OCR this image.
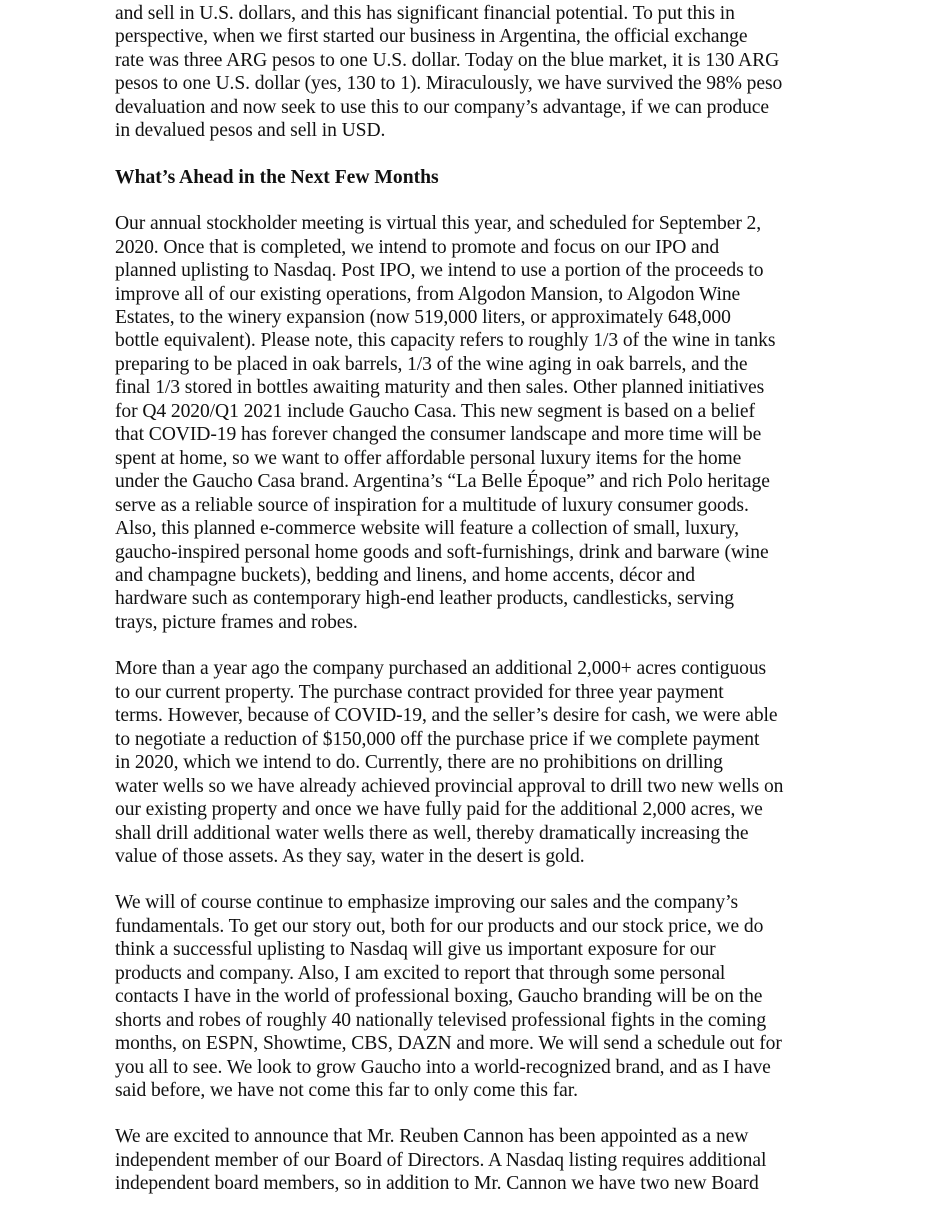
and sell in U.S. dollars, and this has significant financial potential. To put this in
perspective, when we first started our business in Argentina, the official exchange
rate was three ARG pesos to one U.S. dollar. Today on the blue market, it is 130 ARG
pesos to one U.S. dollar (yes, 130 to 1). Miraculously, we have survived the 98% peso
devaluation and now seek to use this to our company’s advantage, if we can produce
in devalued pesos and sell in USD.
What’s Ahead in the Next Few Months
Our annual stockholder meeting is virtual this year, and scheduled for September 2,
2020. Once that is completed, we intend to promote and focus on our IPO and
planned uplisting to Nasdaq. Post IPO, we intend to use a portion of the proceeds to
improve all of our existing operations, from Algodon Mansion, to Algodon Wine
Estates, to the winery expansion (now 519,000 liters, or approximately 648,000
bottle equivalent). Please note, this capacity refers to roughly 1/3 of the wine in tanks
preparing to be placed in oak barrels, 1/3 of the wine aging in oak barrels, and the
final 1/3 stored in bottles awaiting maturity and then sales. Other planned initiatives
for Q4 2020/Q1 2021 include Gaucho Casa. This new segment is based on a belief
that COVID-19 has forever changed the consumer landscape and more time will be
spent at home, so we want to offer affordable personal luxury items for the home
under the Gaucho Casa brand. Argentina’s “La Belle Époque” and rich Polo heritage
serve as a reliable source of inspiration for a multitude of luxury consumer goods.
Also, this planned e-commerce website will feature a collection of small, luxury,
gaucho-inspired personal home goods and soft-furnishings, drink and barware (wine
and champagne buckets), bedding and linens, and home accents, décor and
hardware such as contemporary high-end leather products, candlesticks, serving
trays, picture frames and robes.
More than a year ago the company purchased an additional 2,000+ acres contiguous
to our current property. The purchase contract provided for three year payment
terms. However, because of COVID-19, and the seller’s desire for cash, we were able
to negotiate a reduction of $150,000 off the purchase price if we complete payment
in 2020, which we intend to do. Currently, there are no prohibitions on drilling
water wells so we have already achieved provincial approval to drill two new wells on
our existing property and once we have fully paid for the additional 2,000 acres, we
shall drill additional water wells there as well, thereby dramatically increasing the
value of those assets. As they say, water in the desert is gold.
We will of course continue to emphasize improving our sales and the company’s
fundamentals. To get our story out, both for our products and our stock price, we do
think a successful uplisting to Nasdaq will give us important exposure for our
products and company. Also, I am excited to report that through some personal
contacts I have in the world of professional boxing, Gaucho branding will be on the
shorts and robes of roughly 40 nationally televised professional fights in the coming
months, on ESPN, Showtime, CBS, DAZN and more. We will send a schedule out for
you all to see. We look to grow Gaucho into a world-recognized brand, and as I have
said before, we have not come this far to only come this far.
We are excited to announce that Mr. Reuben Cannon has been appointed as a new
independent member of our Board of Directors. A Nasdaq listing requires additional
independent board members, so in addition to Mr. Cannon we have two new Board
